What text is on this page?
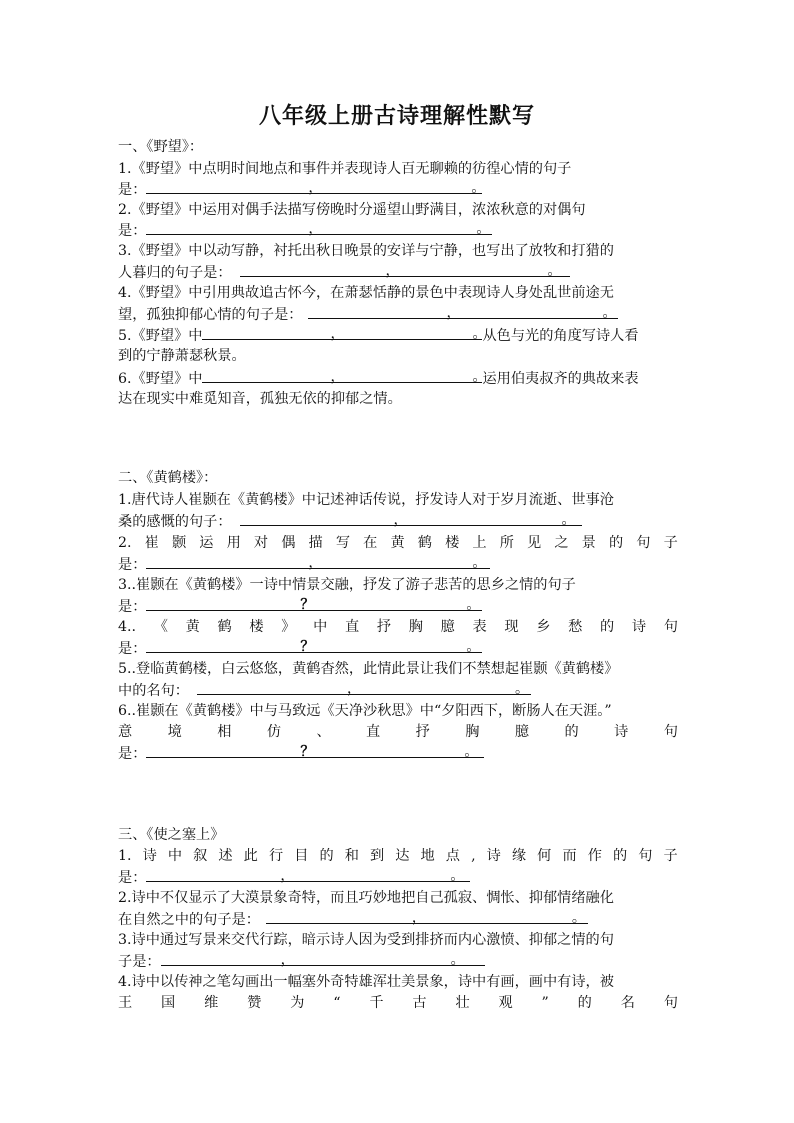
八年级上册古诗理解性默写
一、《野望》：
1.《野望》中点明时间地点和事件并表现诗人百无聊赖的彷徨心情的句子
是：	，	。
2.《野望》中运用对偶手法描写傍晚时分遥望山野满目，浓浓秋意的对偶句
是：	，	。
3.《野望》中以动写静，衬托出秋日晚景的安详与宁静，也写出了放牧和打猎的
人暮归的句子是：	，	。
4.《野望》中引用典故追古怀今，在萧瑟恬静的景色中表现诗人身处乱世前途无
望，孤独抑郁心情的句子是：	，	。
5.《野望》中	，	。
从色与光的角度写诗人看
到的宁静萧瑟秋景。
6.《野望》中	，	。
运用伯夷叔齐的典故来表
达在现实中难觅知音，孤独无依的抑郁之情。
二、《黄鹤楼》：
1.唐代诗人崔颢在《黄鹤楼》中记述神话传说，抒发诗人对于岁月流逝、世事沧
桑的感慨的句子：	，	。
2. 崔 颢 运 用 对 偶 描 写 在 黄 鹤 楼 上 所 见 之 景 的 句 子
是：	，	。
3..崔颢在《黄鹤楼》一诗中情景交融，抒发了游子悲苦的思乡之情的句子
是：	？	。
4.. 《 黄 鹤 楼 》 中 直 抒 胸 臆 表 现 乡 愁 的 诗 句
是：	？	。
5..登临黄鹤楼，白云悠悠，黄鹤杳然，此情此景让我们不禁想起崔颢《黄鹤楼》
中的名句：	，	。
6..崔颢在《黄鹤楼》中与马致远《天净沙秋思》中“夕阳西下，断肠人在天涯。”
意 境 相 仿 、 直 抒 胸 臆 的 诗 句
是：	？	。
三、《使之塞上》
1. 诗 中 叙 述 此 行 目 的 和 到 达 地 点 , 诗 缘 何 而 作 的 句 子
是：	，	。
2.诗中不仅显示了大漠景象奇特，而且巧妙地把自己孤寂、惆怅、抑郁情绪融化
在自然之中的句子是：	，	。
3.诗中通过写景来交代行踪，暗示诗人因为受到排挤而内心激愤、抑郁之情的句
子是：	，	。
4.诗中以传神之笔勾画出一幅塞外奇特雄浑壮美景象，诗中有画，画中有诗，被
王 国 维 赞 为 “ 千 古 壮 观 ” 的 名 句
